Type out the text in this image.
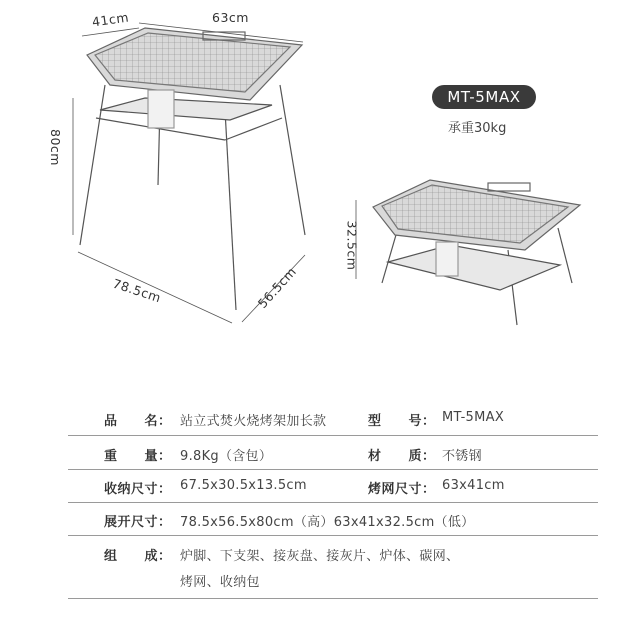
41cm	63cm
80cm
78.5cm	56.5cm
32.5cm
MT-5MAX
承重30kg
品　　名： 站立式焚火烧烤架加长款	型　　号： MT-5MAX
重　　量： 9.8Kg（含包）	材　　质： 不锈钢
收纳尺寸： 67.5x30.5x13.5cm	烤网尺寸： 63x41cm
展开尺寸： 78.5x56.5x80cm（高）63x41x32.5cm（低）
组　　成： 炉脚、下支架、接灰盘、接灰片、炉体、碳网、
烤网、收纳包
